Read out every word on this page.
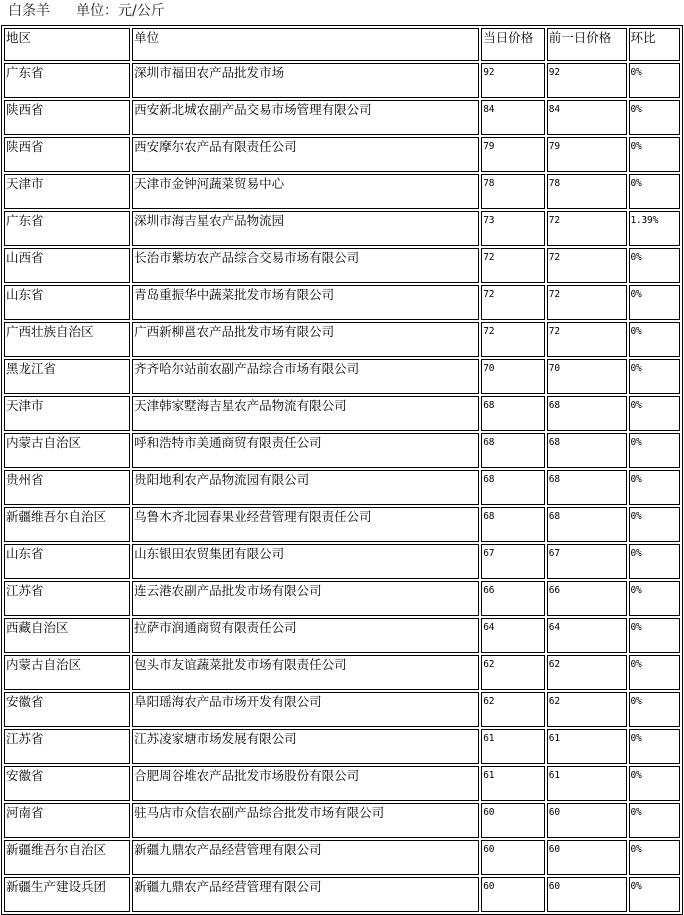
白条羊 单位：元/公斤
地区	单位	当日价格	前一日价格	环比
广东省	深圳市福田农产品批发市场	92	92	0%
陕西省	西安新北城农副产品交易市场管理有限公司	84	84	0%
陕西省	西安摩尔农产品有限责任公司	79	79	0%
天津市	天津市金钟河蔬菜贸易中心	78	78	0%
广东省	深圳市海吉星农产品物流园	73	72	1.39%
山西省	长治市紫坊农产品综合交易市场有限公司	72	72	0%
山东省	青岛重振华中蔬菜批发市场有限公司	72	72	0%
广西壮族自治区	广西新柳邕农产品批发市场有限公司	72	72	0%
黑龙江省	齐齐哈尔站前农副产品综合市场有限公司	70	70	0%
天津市	天津韩家墅海吉星农产品物流有限公司	68	68	0%
内蒙古自治区	呼和浩特市美通商贸有限责任公司	68	68	0%
贵州省	贵阳地利农产品物流园有限公司	68	68	0%
新疆维吾尔自治区	乌鲁木齐北园春果业经营管理有限责任公司	68	68	0%
山东省	山东银田农贸集团有限公司	67	67	0%
江苏省	连云港农副产品批发市场有限公司	66	66	0%
西藏自治区	拉萨市润通商贸有限责任公司	64	64	0%
内蒙古自治区	包头市友谊蔬菜批发市场有限责任公司	62	62	0%
安徽省	阜阳瑶海农产品市场开发有限公司	62	62	0%
江苏省	江苏凌家塘市场发展有限公司	61	61	0%
安徽省	合肥周谷堆农产品批发市场股份有限公司	61	61	0%
河南省	驻马店市众信农副产品综合批发市场有限公司	60	60	0%
新疆维吾尔自治区	新疆九鼎农产品经营管理有限公司	60	60	0%
新疆生产建设兵团	新疆九鼎农产品经营管理有限公司	60	60	0%
